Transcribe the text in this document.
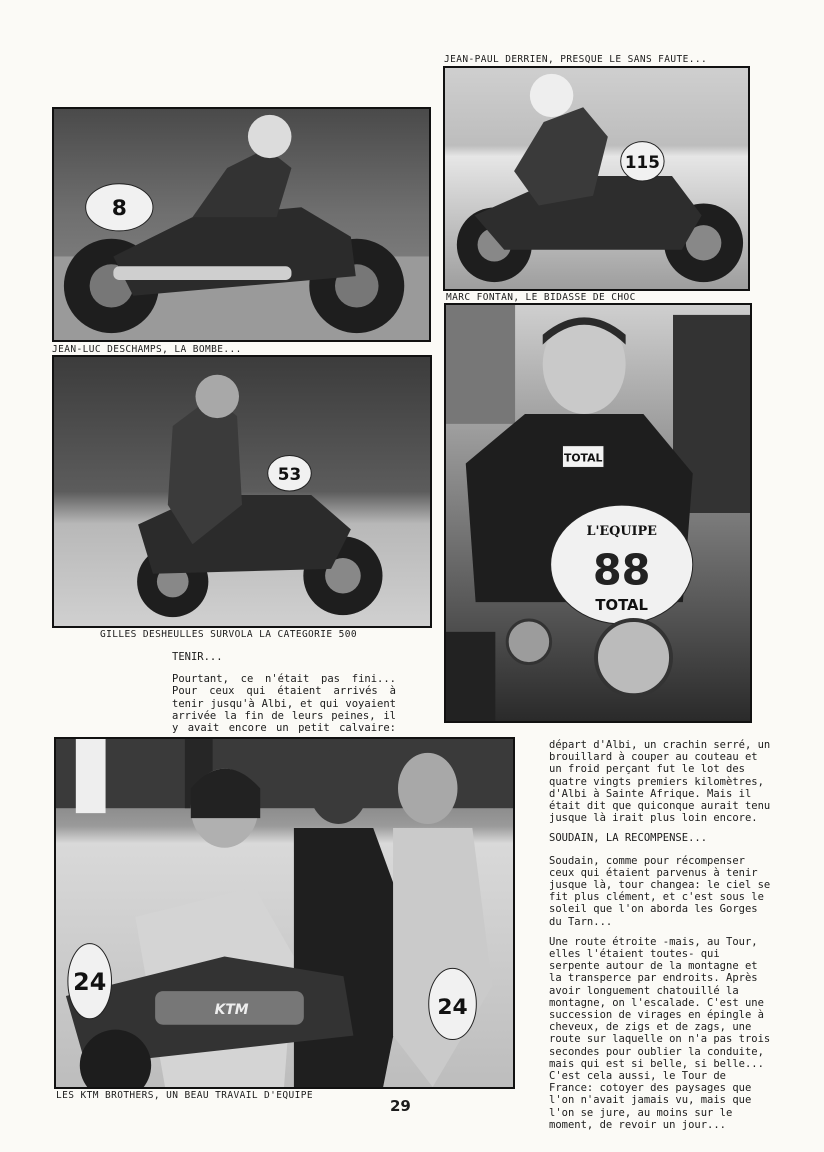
8
JEAN-LUC DESCHAMPS, LA BOMBE...
JEAN-PAUL DERRIEN, PRESQUE LE SANS FAUTE...
115
MARC FONTAN, LE BIDASSE DE CHOC
53
GILLES DESHEULLES SURVOLA LA CATEGORIE 500
TOTAL
L'EQUIPE
88
TOTAL

TENIR...

Pourtant, ce n'était pas fini... Pour ceux qui étaient arrivés à tenir jusqu'à Albi, et qui voyaient arrivée la fin de leurs peines, il y avait encore un petit calvaire:

KTM
24
24
LES KTM BROTHERS, UN BEAU TRAVAIL D'EQUIPE

départ d'Albi, un crachin serré, un brouillard à couper au couteau et un froid perçant fut le lot des quatre vingts premiers kilomètres, d'Albi à Sainte Afrique. Mais il était dit que quiconque aurait tenu jusque là irait plus loin encore.

SOUDAIN, LA RECOMPENSE...

Soudain, comme pour récompenser ceux qui étaient parvenus à tenir jusque là, tour changea: le ciel se fit plus clément, et c'est sous le soleil que l'on aborda les Gorges du Tarn...

Une route étroite -mais, au Tour, elles l'étaient toutes- qui serpente autour de la montagne et la transperce par endroits. Après avoir longuement chatouillé la montagne, on l'escalade. C'est une succession de virages en épingle à cheveux, de zigs et de zags, une route sur laquelle on n'a pas trois secondes pour oublier la conduite, mais qui est si belle, si belle... C'est cela aussi, le Tour de France: cotoyer des paysages que l'on n'avait jamais vu, mais que l'on se jure, au moins sur le moment, de revoir un jour...

29
